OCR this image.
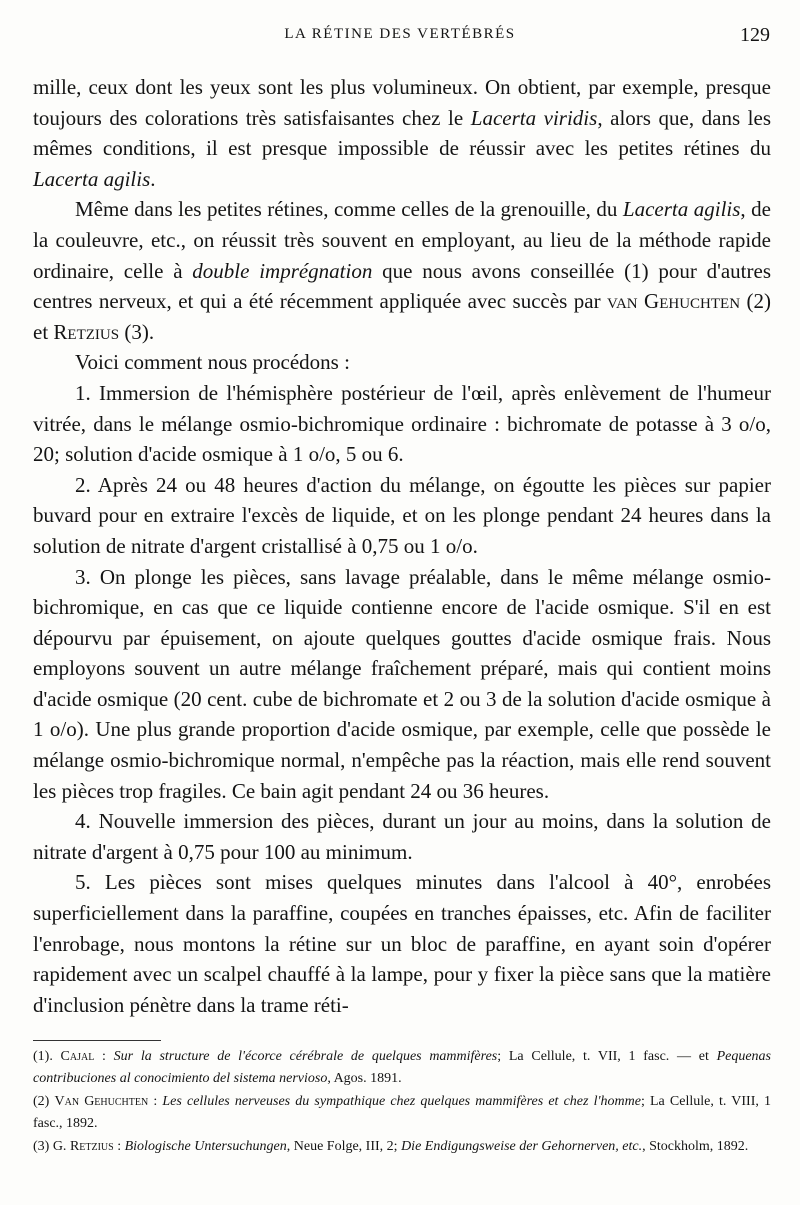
LA RÉTINE DES VERTÉBRÉS	129

mille, ceux dont les yeux sont les plus volumineux. On obtient, par exemple, presque toujours des colorations très satisfaisantes chez le Lacerta viridis, alors que, dans les mêmes conditions, il est presque impossible de réussir avec les petites rétines du Lacerta agilis.

Même dans les petites rétines, comme celles de la grenouille, du Lacerta agilis, de la couleuvre, etc., on réussit très souvent en employant, au lieu de la méthode rapide ordinaire, celle à double imprégnation que nous avons conseillée (1) pour d'autres centres nerveux, et qui a été récemment appliquée avec succès par van Gehuchten (2) et Retzius (3).

Voici comment nous procédons :

1. Immersion de l'hémisphère postérieur de l'œil, après enlèvement de l'humeur vitrée, dans le mélange osmio-bichromique ordinaire : bichromate de potasse à 3 o/o, 20; solution d'acide osmique à 1 o/o, 5 ou 6.

2. Après 24 ou 48 heures d'action du mélange, on égoutte les pièces sur papier buvard pour en extraire l'excès de liquide, et on les plonge pendant 24 heures dans la solution de nitrate d'argent cristallisé à 0,75 ou 1 o/o.

3. On plonge les pièces, sans lavage préalable, dans le même mélange osmio-bichromique, en cas que ce liquide contienne encore de l'acide osmique. S'il en est dépourvu par épuisement, on ajoute quelques gouttes d'acide osmique frais. Nous employons souvent un autre mélange fraîchement préparé, mais qui contient moins d'acide osmique (20 cent. cube de bichromate et 2 ou 3 de la solution d'acide osmique à 1 o/o). Une plus grande proportion d'acide osmique, par exemple, celle que possède le mélange osmio-bichromique normal, n'empêche pas la réaction, mais elle rend souvent les pièces trop fragiles. Ce bain agit pendant 24 ou 36 heures.

4. Nouvelle immersion des pièces, durant un jour au moins, dans la solution de nitrate d'argent à 0,75 pour 100 au minimum.

5. Les pièces sont mises quelques minutes dans l'alcool à 40°, enrobées superficiellement dans la paraffine, coupées en tranches épaisses, etc. Afin de faciliter l'enrobage, nous montons la rétine sur un bloc de paraffine, en ayant soin d'opérer rapidement avec un scalpel chauffé à la lampe, pour y fixer la pièce sans que la matière d'inclusion pénètre dans la trame réti-

(1). Cajal : Sur la structure de l'écorce cérébrale de quelques mammifères; La Cellule, t. VII, 1 fasc. — et Pequenas contribuciones al conocimiento del sistema nervioso, Agos. 1891.

(2) Van Gehuchten : Les cellules nerveuses du sympathique chez quelques mammifères et chez l'homme; La Cellule, t. VIII, 1 fasc., 1892.

(3) G. Retzius : Biologische Untersuchungen, Neue Folge, III, 2; Die Endigungsweise der Gehornerven, etc., Stockholm, 1892.
